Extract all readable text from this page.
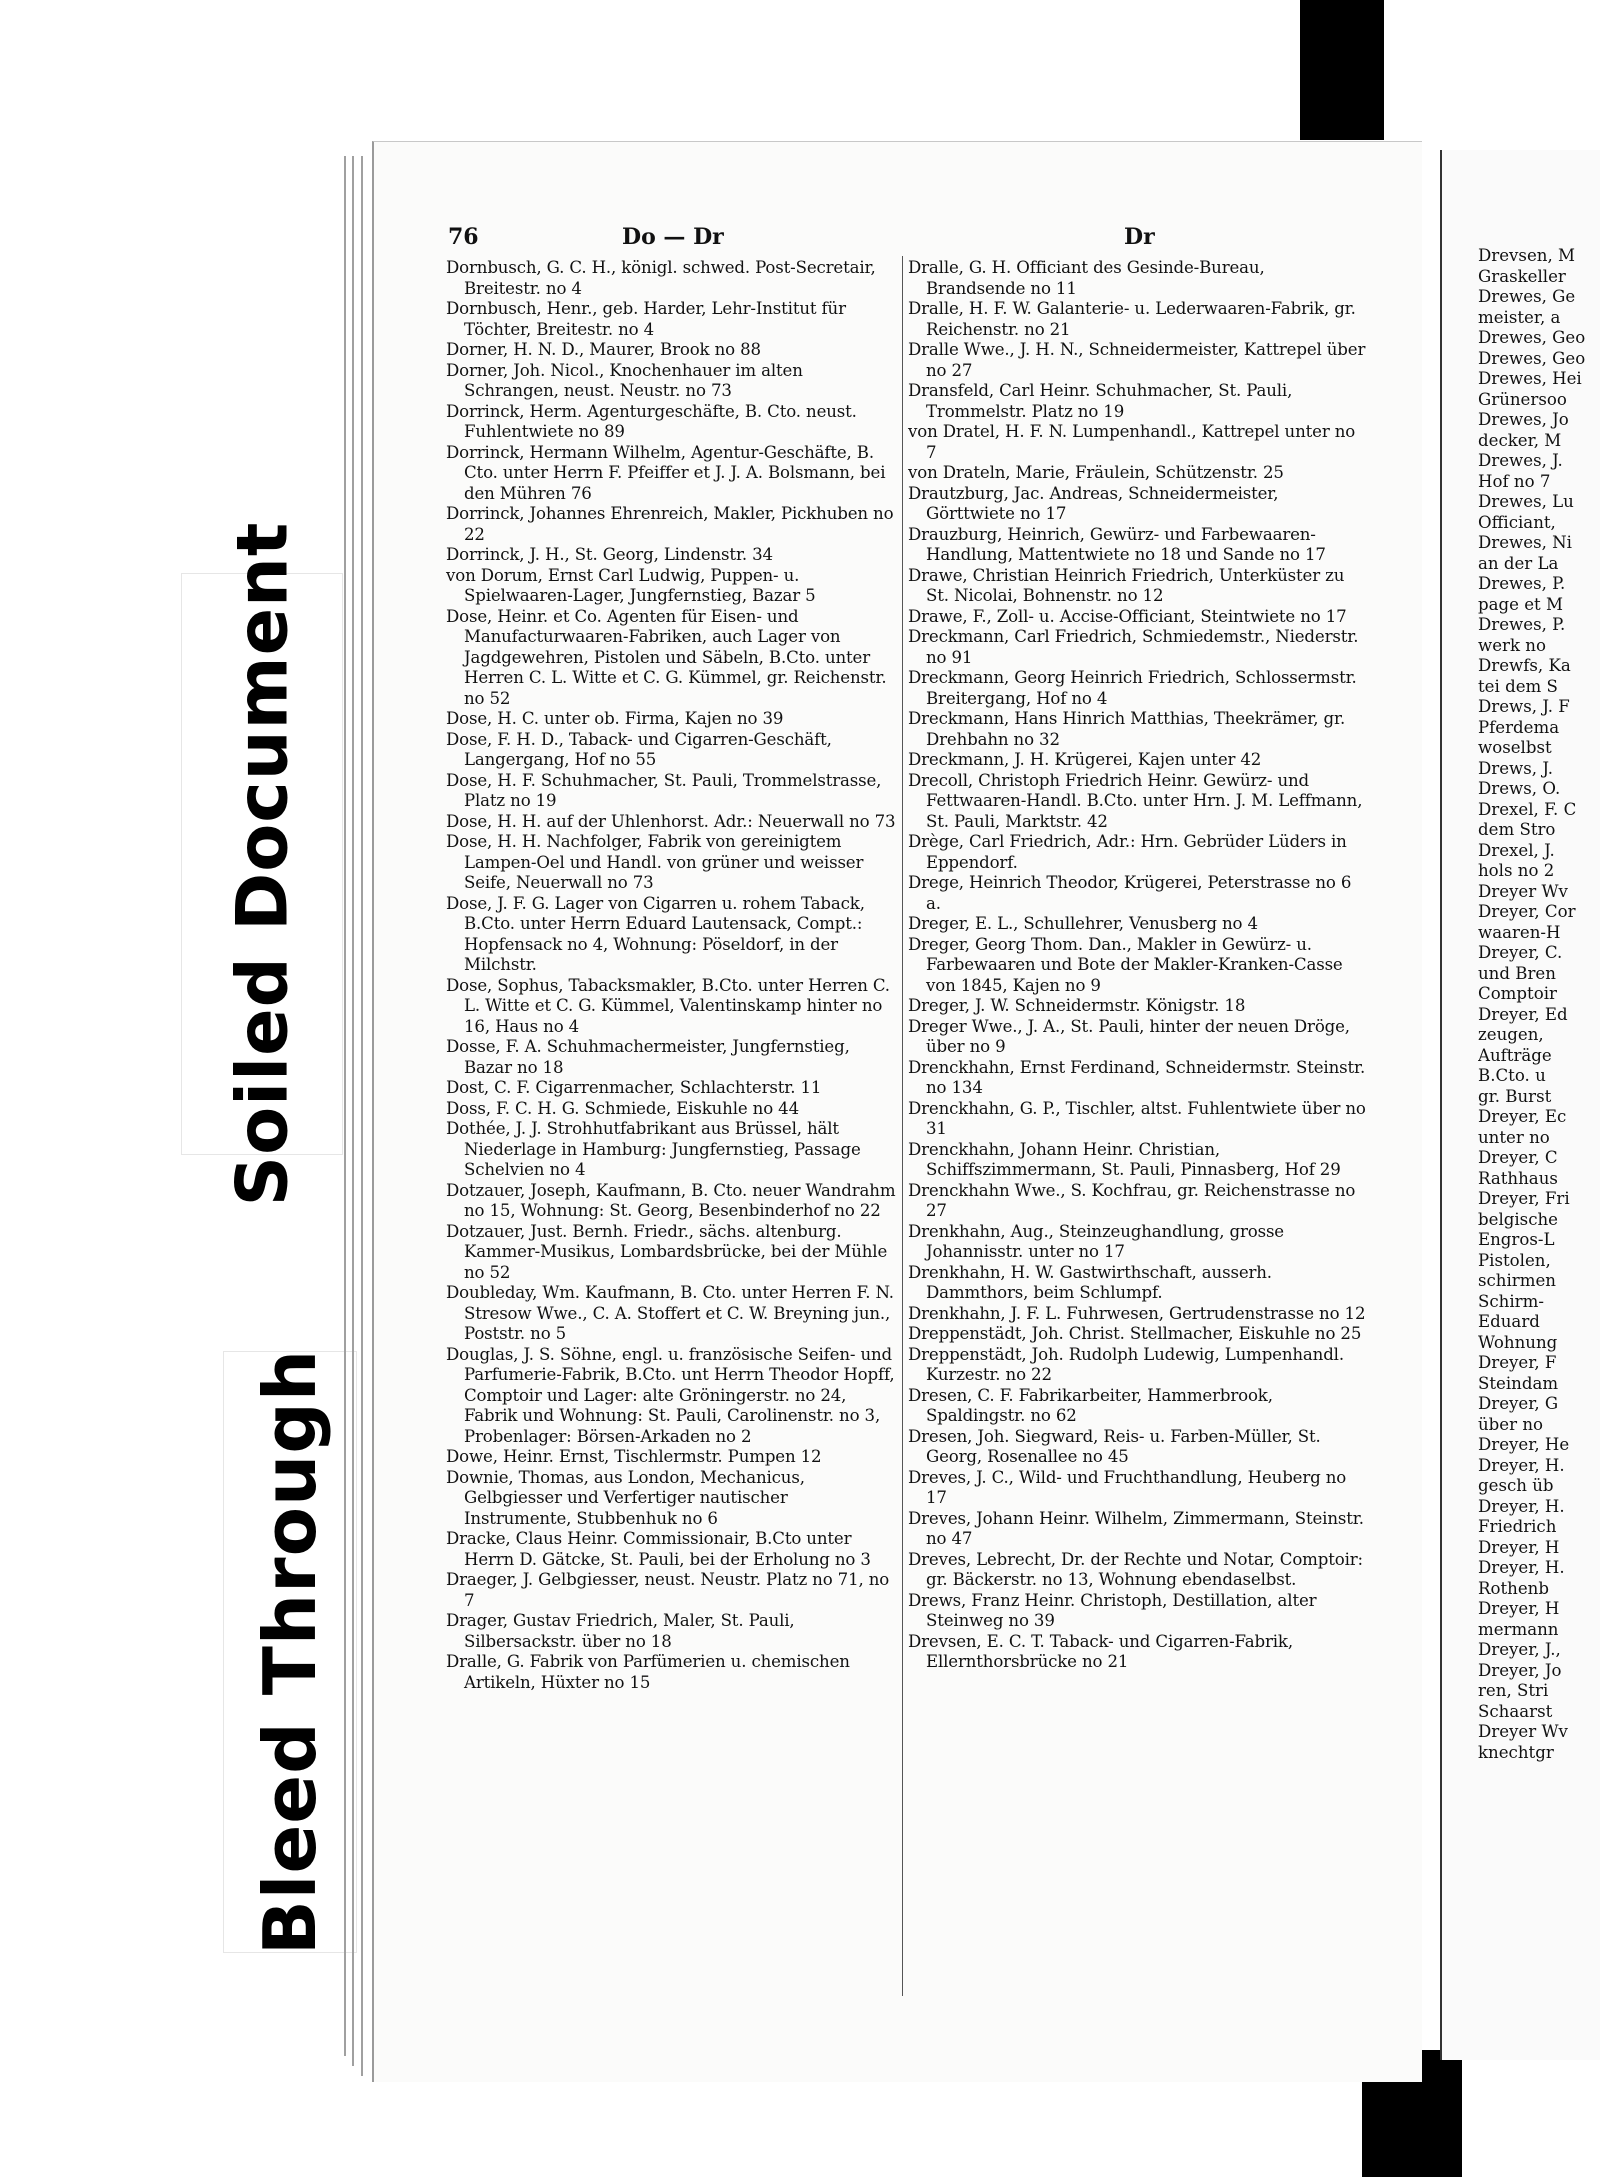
Soiled Document
Bleed Through
Drevsen, M
Graskeller
Drewes, Ge
meister, a
Drewes, Geo
Drewes, Geo
Drewes, Hei
Grünersoo
Drewes, Jo
decker, M
Drewes, J.
Hof no 7
Drewes, Lu
Officiant,
Drewes, Ni
an der La
Drewes, P.
page et M
Drewes, P.
werk no
Drewfs, Ka
tei dem S
Drews, J. F
Pferdema
woselbst
Drews, J.
Drews, O.
Drexel, F. C
dem Stro
Drexel, J.
hols no 2
Dreyer Wv
Dreyer, Cor
waaren-H
Dreyer, C.
und Bren
Comptoir
Dreyer, Ed
zeugen,
Aufträge
B.Cto. u
gr. Burst
Dreyer, Ec
unter no
Dreyer, C
Rathhaus
Dreyer, Fri
belgische
Engros-L
Pistolen,
schirmen
Schirm-
Eduard
Wohnung
Dreyer, F
Steindam
Dreyer, G
über no
Dreyer, He
Dreyer, H.
gesch üb
Dreyer, H.
Friedrich
Dreyer, H
Dreyer, H.
Rothenb
Dreyer, H
mermann
Dreyer, J.,
Dreyer, Jo
ren, Stri
Schaarst
Dreyer Wv
knechtgr
76	Do — Dr	Dr
Dornbusch, G. C. H., königl. schwed. Post-Secretair, Breitestr. no 4
Dornbusch, Henr., geb. Harder, Lehr-Institut für Töchter, Breitestr. no 4
Dorner, H. N. D., Maurer, Brook no 88
Dorner, Joh. Nicol., Knochenhauer im alten Schrangen, neust. Neustr. no 73
Dorrinck, Herm. Agenturgeschäfte, B. Cto. neust. Fuhlentwiete no 89
Dorrinck, Hermann Wilhelm, Agentur-Geschäfte, B. Cto. unter Herrn F. Pfeiffer et J. J. A. Bolsmann, bei den Mühren 76
Dorrinck, Johannes Ehrenreich, Makler, Pickhuben no 22
Dorrinck, J. H., St. Georg, Lindenstr. 34
von Dorum, Ernst Carl Ludwig, Puppen- u. Spielwaaren-Lager, Jungfernstieg, Bazar 5
Dose, Heinr. et Co. Agenten für Eisen- und Manufacturwaaren-Fabriken, auch Lager von Jagdgewehren, Pistolen und Säbeln, B.Cto. unter Herren C. L. Witte et C. G. Kümmel, gr. Reichenstr. no 52
Dose, H. C. unter ob. Firma, Kajen no 39
Dose, F. H. D., Taback- und Cigarren-Geschäft, Langergang, Hof no 55
Dose, H. F. Schuhmacher, St. Pauli, Trommelstrasse, Platz no 19
Dose, H. H. auf der Uhlenhorst. Adr.: Neuerwall no 73
Dose, H. H. Nachfolger, Fabrik von gereinigtem Lampen-Oel und Handl. von grüner und weisser Seife, Neuerwall no 73
Dose, J. F. G. Lager von Cigarren u. rohem Taback, B.Cto. unter Herrn Eduard Lautensack, Compt.: Hopfensack no 4, Wohnung: Pöseldorf, in der Milchstr.
Dose, Sophus, Tabacksmakler, B.Cto. unter Herren C. L. Witte et C. G. Kümmel, Valentinskamp hinter no 16, Haus no 4
Dosse, F. A. Schuhmachermeister, Jungfernstieg, Bazar no 18
Dost, C. F. Cigarrenmacher, Schlachterstr. 11
Doss, F. C. H. G. Schmiede, Eiskuhle no 44
Dothée, J. J. Strohhutfabrikant aus Brüssel, hält Niederlage in Hamburg: Jungfernstieg, Passage Schelvien no 4
Dotzauer, Joseph, Kaufmann, B. Cto. neuer Wandrahm no 15, Wohnung: St. Georg, Besenbinderhof no 22
Dotzauer, Just. Bernh. Friedr., sächs. altenburg. Kammer-Musikus, Lombardsbrücke, bei der Mühle no 52
Doubleday, Wm. Kaufmann, B. Cto. unter Herren F. N. Stresow Wwe., C. A. Stoffert et C. W. Breyning jun., Poststr. no 5
Douglas, J. S. Söhne, engl. u. französische Seifen- und Parfumerie-Fabrik, B.Cto. unt Herrn Theodor Hopff, Comptoir und Lager: alte Gröningerstr. no 24, Fabrik und Wohnung: St. Pauli, Carolinenstr. no 3, Probenlager: Börsen-Arkaden no 2
Dowe, Heinr. Ernst, Tischlermstr. Pumpen 12
Downie, Thomas, aus London, Mechanicus, Gelbgiesser und Verfertiger nautischer Instrumente, Stubbenhuk no 6
Dracke, Claus Heinr. Commissionair, B.Cto unter Herrn D. Gätcke, St. Pauli, bei der Erholung no 3
Draeger, J. Gelbgiesser, neust. Neustr. Platz no 71, no 7
Drager, Gustav Friedrich, Maler, St. Pauli, Silbersackstr. über no 18
Dralle, G. Fabrik von Parfümerien u. chemischen Artikeln, Hüxter no 15
Dralle, G. H. Officiant des Gesinde-Bureau, Brandsende no 11
Dralle, H. F. W. Galanterie- u. Lederwaaren-Fabrik, gr. Reichenstr. no 21
Dralle Wwe., J. H. N., Schneidermeister, Kattrepel über no 27
Dransfeld, Carl Heinr. Schuhmacher, St. Pauli, Trommelstr. Platz no 19
von Dratel, H. F. N. Lumpenhandl., Kattrepel unter no 7
von Drateln, Marie, Fräulein, Schützenstr. 25
Drautzburg, Jac. Andreas, Schneidermeister, Görttwiete no 17
Drauzburg, Heinrich, Gewürz- und Farbewaaren-Handlung, Mattentwiete no 18 und Sande no 17
Drawe, Christian Heinrich Friedrich, Unterküster zu St. Nicolai, Bohnenstr. no 12
Drawe, F., Zoll- u. Accise-Officiant, Steintwiete no 17
Dreckmann, Carl Friedrich, Schmiedemstr., Niederstr. no 91
Dreckmann, Georg Heinrich Friedrich, Schlossermstr. Breitergang, Hof no 4
Dreckmann, Hans Hinrich Matthias, Theekrämer, gr. Drehbahn no 32
Dreckmann, J. H. Krügerei, Kajen unter 42
Drecoll, Christoph Friedrich Heinr. Gewürz- und Fettwaaren-Handl. B.Cto. unter Hrn. J. M. Leffmann, St. Pauli, Marktstr. 42
Drège, Carl Friedrich, Adr.: Hrn. Gebrüder Lüders in Eppendorf.
Drege, Heinrich Theodor, Krügerei, Peterstrasse no 6 a.
Dreger, E. L., Schullehrer, Venusberg no 4
Dreger, Georg Thom. Dan., Makler in Gewürz- u. Farbewaaren und Bote der Makler-Kranken-Casse von 1845, Kajen no 9
Dreger, J. W. Schneidermstr. Königstr. 18
Dreger Wwe., J. A., St. Pauli, hinter der neuen Dröge, über no 9
Drenckhahn, Ernst Ferdinand, Schneidermstr. Steinstr. no 134
Drenckhahn, G. P., Tischler, altst. Fuhlentwiete über no 31
Drenckhahn, Johann Heinr. Christian, Schiffszimmermann, St. Pauli, Pinnasberg, Hof 29
Drenckhahn Wwe., S. Kochfrau, gr. Reichenstrasse no 27
Drenkhahn, Aug., Steinzeughandlung, grosse Johannisstr. unter no 17
Drenkhahn, H. W. Gastwirthschaft, ausserh. Dammthors, beim Schlumpf.
Drenkhahn, J. F. L. Fuhrwesen, Gertrudenstrasse no 12
Dreppenstädt, Joh. Christ. Stellmacher, Eiskuhle no 25
Dreppenstädt, Joh. Rudolph Ludewig, Lumpenhandl. Kurzestr. no 22
Dresen, C. F. Fabrikarbeiter, Hammerbrook, Spaldingstr. no 62
Dresen, Joh. Siegward, Reis- u. Farben-Müller, St. Georg, Rosenallee no 45
Dreves, J. C., Wild- und Fruchthandlung, Heuberg no 17
Dreves, Johann Heinr. Wilhelm, Zimmermann, Steinstr. no 47
Dreves, Lebrecht, Dr. der Rechte und Notar, Comptoir: gr. Bäckerstr. no 13, Wohnung ebendaselbst.
Drews, Franz Heinr. Christoph, Destillation, alter Steinweg no 39
Drevsen, E. C. T. Taback- und Cigarren-Fabrik, Ellernthorsbrücke no 21
